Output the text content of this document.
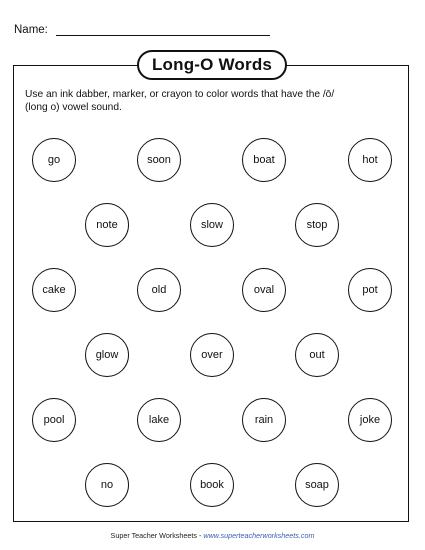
Name:
Long-O Words

Use an ink dabber, marker, or crayon to color words that have the /ō/ (long o) vowel sound.

go	soon	boat	hot
note	slow	stop
cake	old	oval	pot
glow	over	out
pool	lake	rain	joke
no	book	soap
Super Teacher Worksheets - www.superteacherworksheets.com
